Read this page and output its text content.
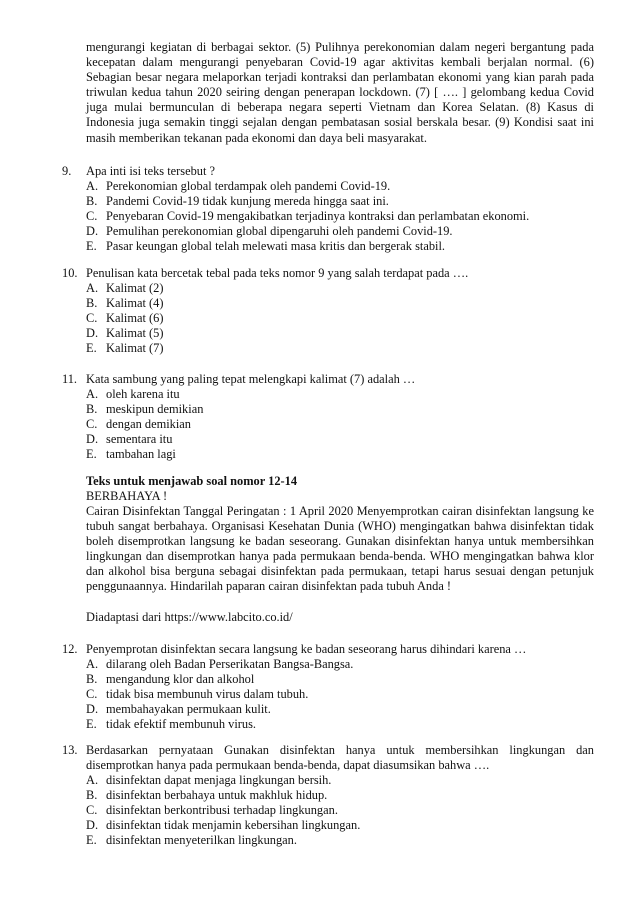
mengurangi kegiatan di berbagai sektor. (5) Pulihnya perekonomian dalam negeri bergantung pada kecepatan dalam mengurangi penyebaran Covid-19 agar aktivitas kembali berjalan normal. (6) Sebagian besar negara melaporkan terjadi kontraksi dan perlambatan ekonomi yang kian parah pada triwulan kedua tahun 2020 seiring dengan penerapan lockdown. (7) [ …. ] gelombang kedua Covid juga mulai bermunculan di beberapa negara seperti Vietnam dan Korea Selatan. (8) Kasus di Indonesia juga semakin tinggi sejalan dengan pembatasan sosial berskala besar. (9) Kondisi saat ini masih memberikan tekanan pada ekonomi dan daya beli masyarakat.
9.	Apa inti isi teks tersebut ?
A. Perekonomian global terdampak oleh pandemi Covid-19.
B. Pandemi Covid-19 tidak kunjung mereda hingga saat ini.
C. Penyebaran Covid-19 mengakibatkan terjadinya kontraksi dan perlambatan ekonomi.
D. Pemulihan perekonomian global dipengaruhi oleh pandemi Covid-19.
E. Pasar keungan global telah melewati masa kritis dan bergerak stabil.
10. Penulisan kata bercetak tebal pada teks nomor 9 yang salah terdapat pada ….
A. Kalimat (2)
B. Kalimat (4)
C. Kalimat (6)
D. Kalimat (5)
E. Kalimat (7)
11. Kata sambung yang paling tepat melengkapi kalimat (7) adalah …
A. oleh karena itu
B. meskipun demikian
C. dengan demikian
D. sementara itu
E. tambahan lagi
Teks untuk menjawab soal nomor 12-14
BERBAHAYA !
Cairan Disinfektan Tanggal Peringatan : 1 April 2020 Menyemprotkan cairan disinfektan langsung ke tubuh sangat berbahaya. Organisasi Kesehatan Dunia (WHO) mengingatkan bahwa disinfektan tidak boleh disemprotkan langsung ke badan seseorang. Gunakan disinfektan hanya untuk membersihkan lingkungan dan disemprotkan hanya pada permukaan benda-benda. WHO mengingatkan bahwa klor dan alkohol bisa berguna sebagai disinfektan pada permukaan, tetapi harus sesuai dengan petunjuk penggunaannya. Hindarilah paparan cairan disinfektan pada tubuh Anda !
Diadaptasi dari https://www.labcito.co.id/
12. Penyemprotan disinfektan secara langsung ke badan seseorang harus dihindari karena …
A. dilarang oleh Badan Perserikatan Bangsa-Bangsa.
B. mengandung klor dan alkohol
C. tidak bisa membunuh virus dalam tubuh.
D. membahayakan permukaan kulit.
E. tidak efektif membunuh virus.
13. Berdasarkan pernyataan Gunakan disinfektan hanya untuk membersihkan lingkungan dan disemprotkan hanya pada permukaan benda-benda, dapat diasumsikan bahwa ….
A. disinfektan dapat menjaga lingkungan bersih.
B. disinfektan berbahaya untuk makhluk hidup.
C. disinfektan berkontribusi terhadap lingkungan.
D. disinfektan tidak menjamin kebersihan lingkungan.
E. disinfektan menyeterilkan lingkungan.
